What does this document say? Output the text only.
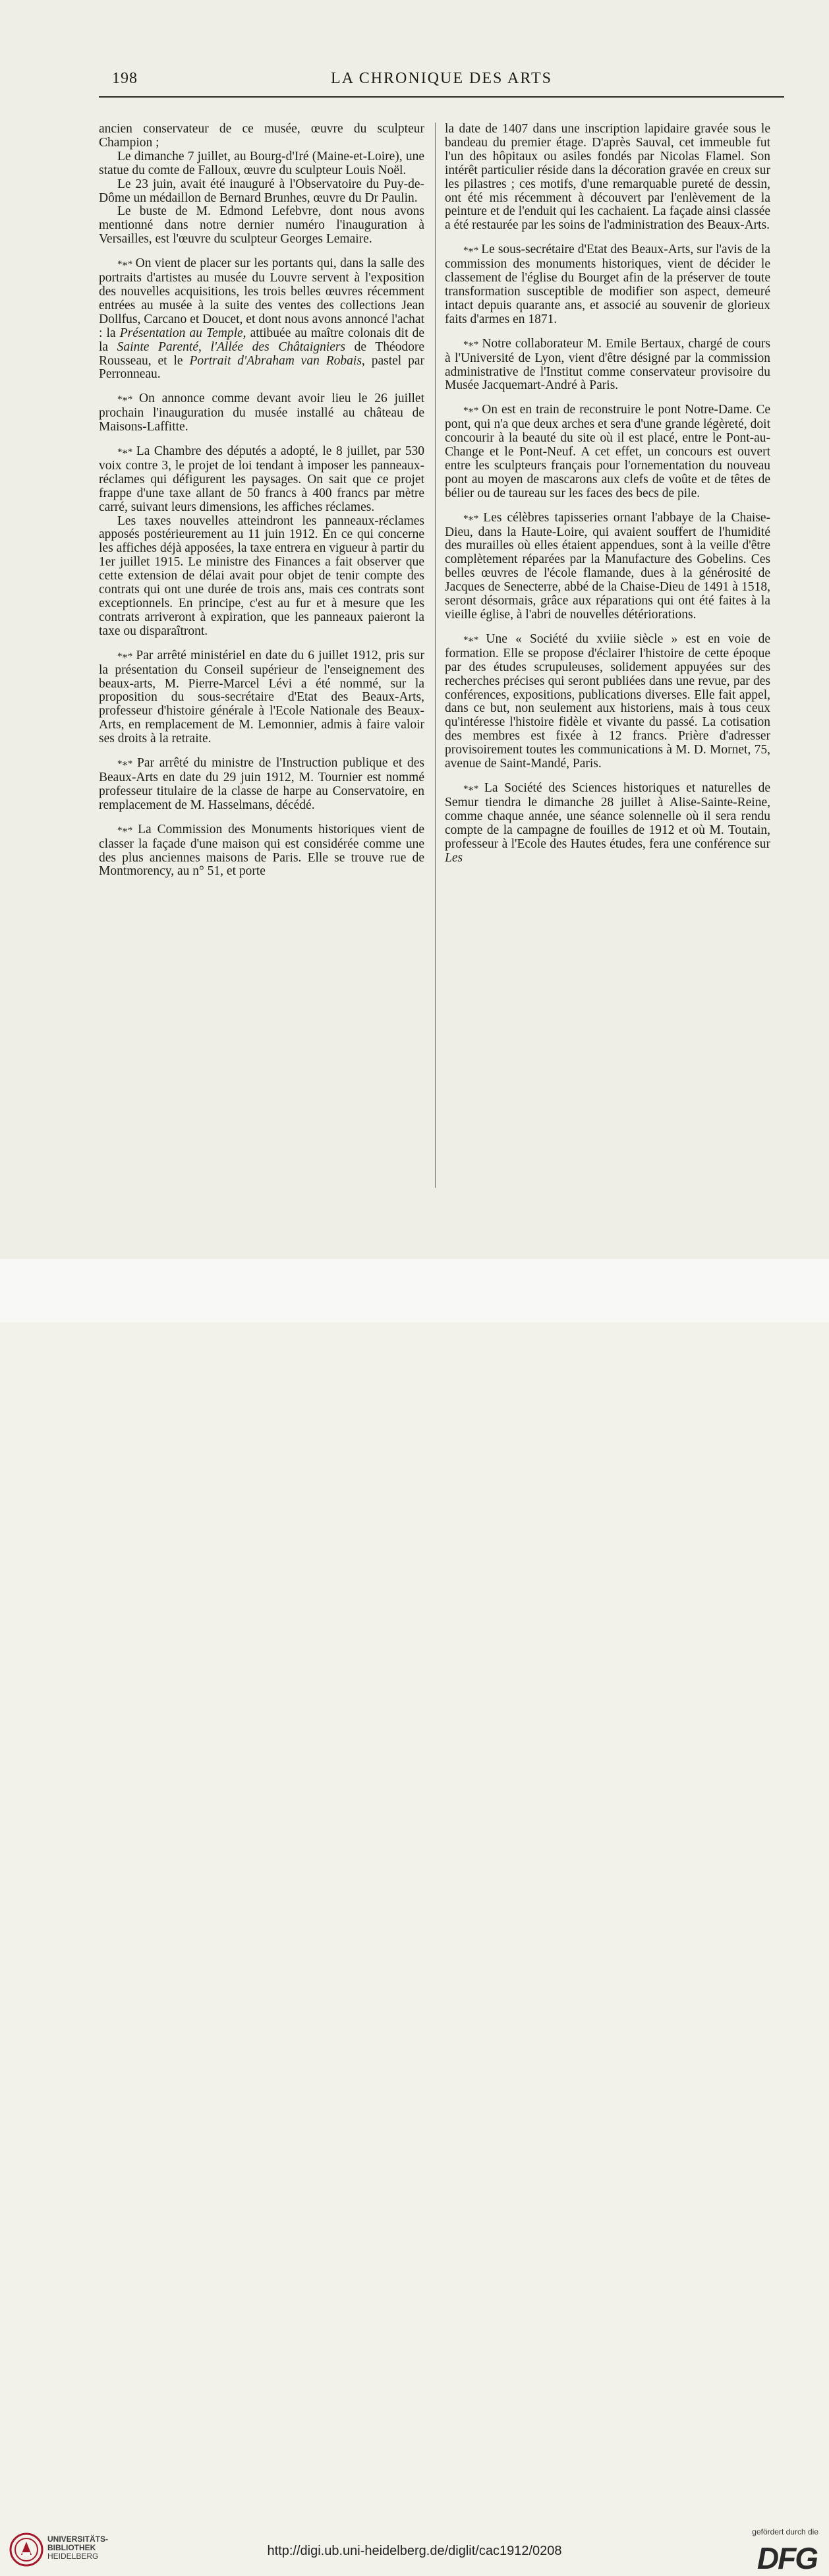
198	LA CHRONIQUE DES ARTS

ancien conservateur de ce musée, œuvre du sculpteur Champion ;

Le dimanche 7 juillet, au Bourg-d'Iré (Maine-et-Loire), une statue du comte de Falloux, œuvre du sculpteur Louis Noël.

Le 23 juin, avait été inauguré à l'Observatoire du Puy-de-Dôme un médaillon de Bernard Brunhes, œuvre du Dr Paulin.

Le buste de M. Edmond Lefebvre, dont nous avons mentionné dans notre dernier numéro l'inauguration à Versailles, est l'œuvre du sculpteur Georges Lemaire.

*∗* On vient de placer sur les portants qui, dans la salle des portraits d'artistes au musée du Louvre servent à l'exposition des nouvelles acquisitions, les trois belles œuvres récemment entrées au musée à la suite des ventes des collections Jean Dollfus, Carcano et Doucet, et dont nous avons annoncé l'achat : la Présentation au Temple, attibuée au maître colonais dit de la Sainte Parenté, l'Allée des Châtaigniers de Théodore Rousseau, et le Portrait d'Abraham van Robais, pastel par Perronneau.

*∗* On annonce comme devant avoir lieu le 26 juillet prochain l'inauguration du musée installé au château de Maisons-Laffitte.

*∗* La Chambre des députés a adopté, le 8 juillet, par 530 voix contre 3, le projet de loi tendant à imposer les panneaux-réclames qui défigurent les paysages. On sait que ce projet frappe d'une taxe allant de 50 francs à 400 francs par mètre carré, suivant leurs dimensions, les affiches réclames.

Les taxes nouvelles atteindront les panneaux-réclames apposés postérieurement au 11 juin 1912. En ce qui concerne les affiches déjà apposées, la taxe entrera en vigueur à partir du 1er juillet 1915. Le ministre des Finances a fait observer que cette extension de délai avait pour objet de tenir compte des contrats qui ont une durée de trois ans, mais ces contrats sont exceptionnels. En principe, c'est au fur et à mesure que les contrats arriveront à expiration, que les panneaux paieront la taxe ou disparaîtront.

*∗* Par arrêté ministériel en date du 6 juillet 1912, pris sur la présentation du Conseil supérieur de l'enseignement des beaux-arts, M. Pierre-Marcel Lévi a été nommé, sur la proposition du sous-secrétaire d'Etat des Beaux-Arts, professeur d'histoire générale à l'Ecole Nationale des Beaux-Arts, en remplacement de M. Lemonnier, admis à faire valoir ses droits à la retraite.

*∗* Par arrêté du ministre de l'Instruction publique et des Beaux-Arts en date du 29 juin 1912, M. Tournier est nommé professeur titulaire de la classe de harpe au Conservatoire, en remplacement de M. Hasselmans, décédé.

*∗* La Commission des Monuments historiques vient de classer la façade d'une maison qui est considérée comme une des plus anciennes maisons de Paris. Elle se trouve rue de Montmorency, au n° 51, et porte

la date de 1407 dans une inscription lapidaire gravée sous le bandeau du premier étage. D'après Sauval, cet immeuble fut l'un des hôpitaux ou asiles fondés par Nicolas Flamel. Son intérêt particulier réside dans la décoration gravée en creux sur les pilastres ; ces motifs, d'une remarquable pureté de dessin, ont été mis récemment à découvert par l'enlèvement de la peinture et de l'enduit qui les cachaient. La façade ainsi classée a été restaurée par les soins de l'administration des Beaux-Arts.

*∗* Le sous-secrétaire d'Etat des Beaux-Arts, sur l'avis de la commission des monuments historiques, vient de décider le classement de l'église du Bourget afin de la préserver de toute transformation susceptible de modifier son aspect, demeuré intact depuis quarante ans, et associé au souvenir de glorieux faits d'armes en 1871.

*∗* Notre collaborateur M. Emile Bertaux, chargé de cours à l'Université de Lyon, vient d'être désigné par la commission administrative de l'Institut comme conservateur provisoire du Musée Jacquemart-André à Paris.

*∗* On est en train de reconstruire le pont Notre-Dame. Ce pont, qui n'a que deux arches et sera d'une grande légèreté, doit concourir à la beauté du site où il est placé, entre le Pont-au-Change et le Pont-Neuf. A cet effet, un concours est ouvert entre les sculpteurs français pour l'ornementation du nouveau pont au moyen de mascarons aux clefs de voûte et de têtes de bélier ou de taureau sur les faces des becs de pile.

*∗* Les célèbres tapisseries ornant l'abbaye de la Chaise-Dieu, dans la Haute-Loire, qui avaient souffert de l'humidité des murailles où elles étaient appendues, sont à la veille d'être complètement réparées par la Manufacture des Gobelins. Ces belles œuvres de l'école flamande, dues à la générosité de Jacques de Senecterre, abbé de la Chaise-Dieu de 1491 à 1518, seront désormais, grâce aux réparations qui ont été faites à la vieille église, à l'abri de nouvelles détériorations.

*∗* Une « Société du xviiie siècle » est en voie de formation. Elle se propose d'éclairer l'histoire de cette époque par des études scrupuleuses, solidement appuyées sur des recherches précises qui seront publiées dans une revue, par des conférences, expositions, publications diverses. Elle fait appel, dans ce but, non seulement aux historiens, mais à tous ceux qu'intéresse l'histoire fidèle et vivante du passé. La cotisation des membres est fixée à 12 francs. Prière d'adresser provisoirement toutes les communications à M. D. Mornet, 75, avenue de Saint-Mandé, Paris.

*∗* La Société des Sciences historiques et naturelles de Semur tiendra le dimanche 28 juillet à Alise-Sainte-Reine, comme chaque année, une séance solennelle où il sera rendu compte de la campagne de fouilles de 1912 et où M. Toutain, professeur à l'Ecole des Hautes études, fera une conférence sur Les

UNIVERSITÄTS-
BIBLIOTHEK
HEIDELBERG	http://digi.ub.uni-heidelberg.de/diglit/cac1912/0208
gefördert durch die
DFG
